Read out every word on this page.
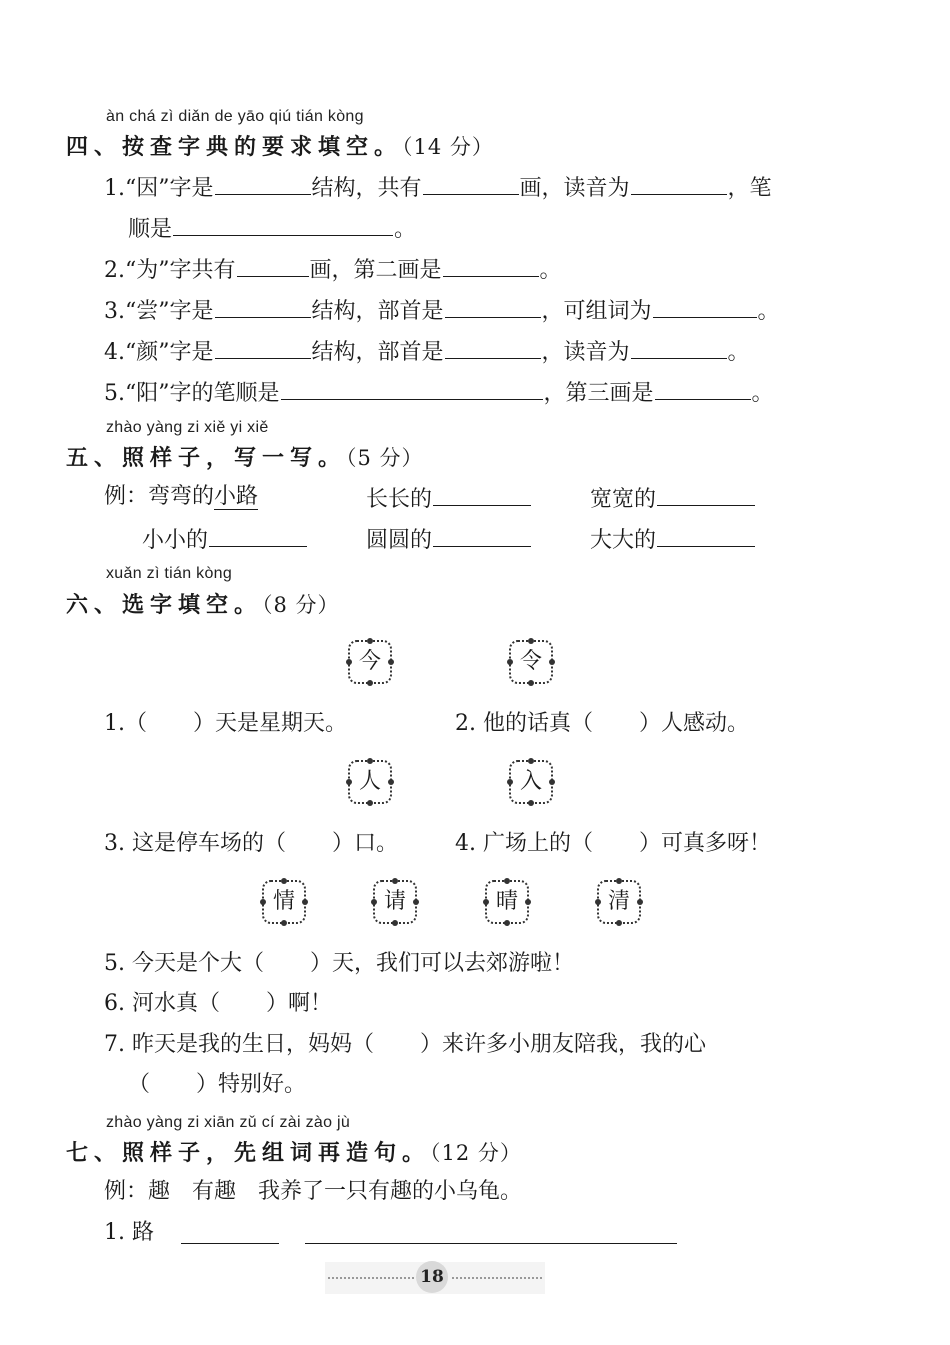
àn chá zì diǎn de yāo qiú tián kòng
四、按查字典的要求填空。（14 分）
1.“因”字是	结构，共有	画，读音为	，笔
顺是	。
2.“为”字共有	画，第二画是	。
3.“尝”字是	结构，部首是	，可组词为	。
4.“颜”字是	结构，部首是	，读音为	。
5.“阳”字的笔顺是	，第三画是	。
zhào yàng zi xiě yi xiě
五、照样子，写一写。（5 分）
例：弯弯的小路	长长的	宽宽的
小小的	圆圆的	大大的
xuǎn zì tián kòng
六、选字填空。（8 分）
今	令
1.（ ）天是星期天。	2. 他的话真（ ）人感动。
人	入
3. 这是停车场的（ ）口。	4. 广场上的（ ）可真多呀！
情	请	晴	清
5. 今天是个大（ ）天，我们可以去郊游啦！
6. 河水真（ ）啊！
7. 昨天是我的生日，妈妈（ ）来许多小朋友陪我，我的心
（ ）特别好。
zhào yàng zi xiān zǔ cí zài zào jù
七、照样子，先组词再造句。（12 分）
例：趣　有趣　我养了一只有趣的小乌龟。
1. 路
18
